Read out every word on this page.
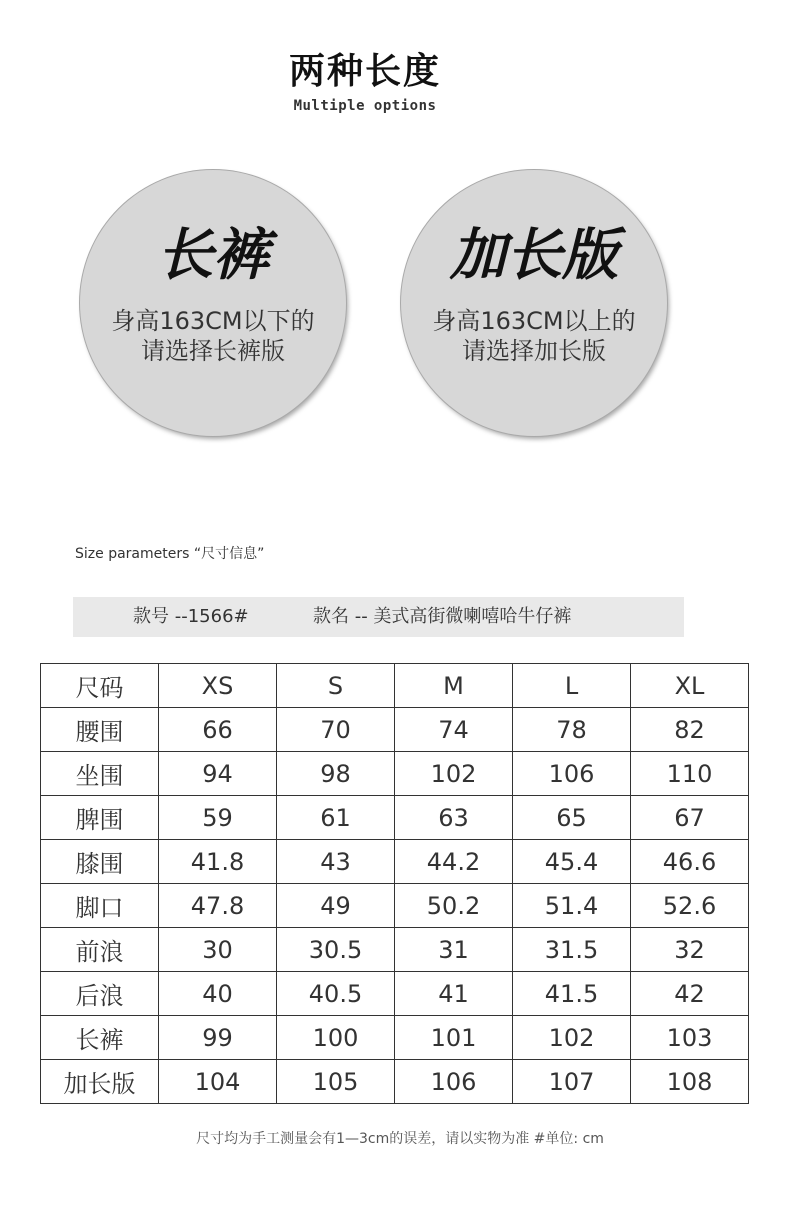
两种长度
Multiple options
长裤
身高163CM以下的
请选择长裤版
加长版
身高163CM以上的
请选择加长版
Size parameters “尺寸信息”
款号 --1566#	款名 -- 美式高街微喇嘻哈牛仔裤
尺码	XS	S	M	L	XL
腰围	66	70	74	78	82
坐围	94	98	102	106	110
脾围	59	61	63	65	67
膝围	41.8	43	44.2	45.4	46.6
脚口	47.8	49	50.2	51.4	52.6
前浪	30	30.5	31	31.5	32
后浪	40	40.5	41	41.5	42
长裤	99	100	101	102	103
加长版	104	105	106	107	108
尺寸均为手工测量会有1—3cm的误差，请以实物为准 #单位: cm
